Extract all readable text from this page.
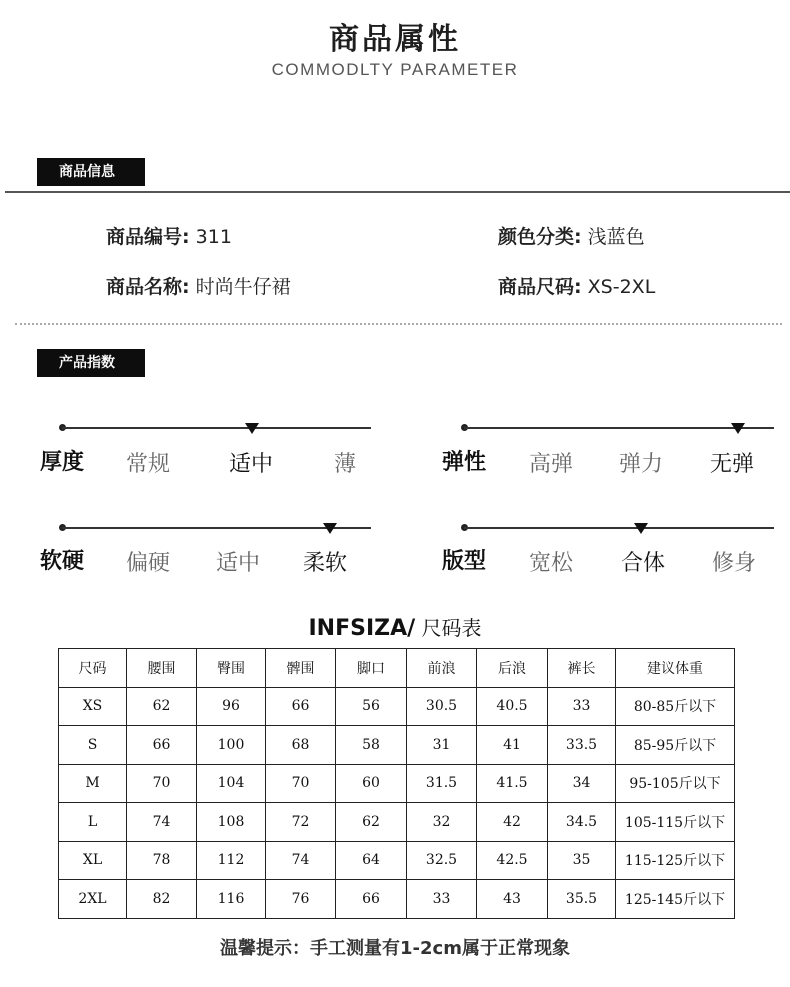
商品属性
COMMODLTY PARAMETER
商品信息
商品编号: 311
商品名称: 时尚牛仔裙
颜色分类: 浅蓝色
商品尺码: XS-2XL
产品指数
厚度	常规	适中	薄	弹性	高弹	弹力	无弹
软硬	偏硬	适中	柔软	版型	宽松	合体	修身
INFSIZA/ 尺码表
尺码	腰围	臀围	髀围	脚口	前浪	后浪	裤长	建议体重
XS	62	96	66	56	30.5	40.5	33	80-85斤以下
S	66	100	68	58	31	41	33.5	85-95斤以下
M	70	104	70	60	31.5	41.5	34	95-105斤以下
L	74	108	72	62	32	42	34.5	105-115斤以下
XL	78	112	74	64	32.5	42.5	35	115-125斤以下
2XL	82	116	76	66	33	43	35.5	125-145斤以下
温馨提示：手工测量有1-2cm属于正常现象
